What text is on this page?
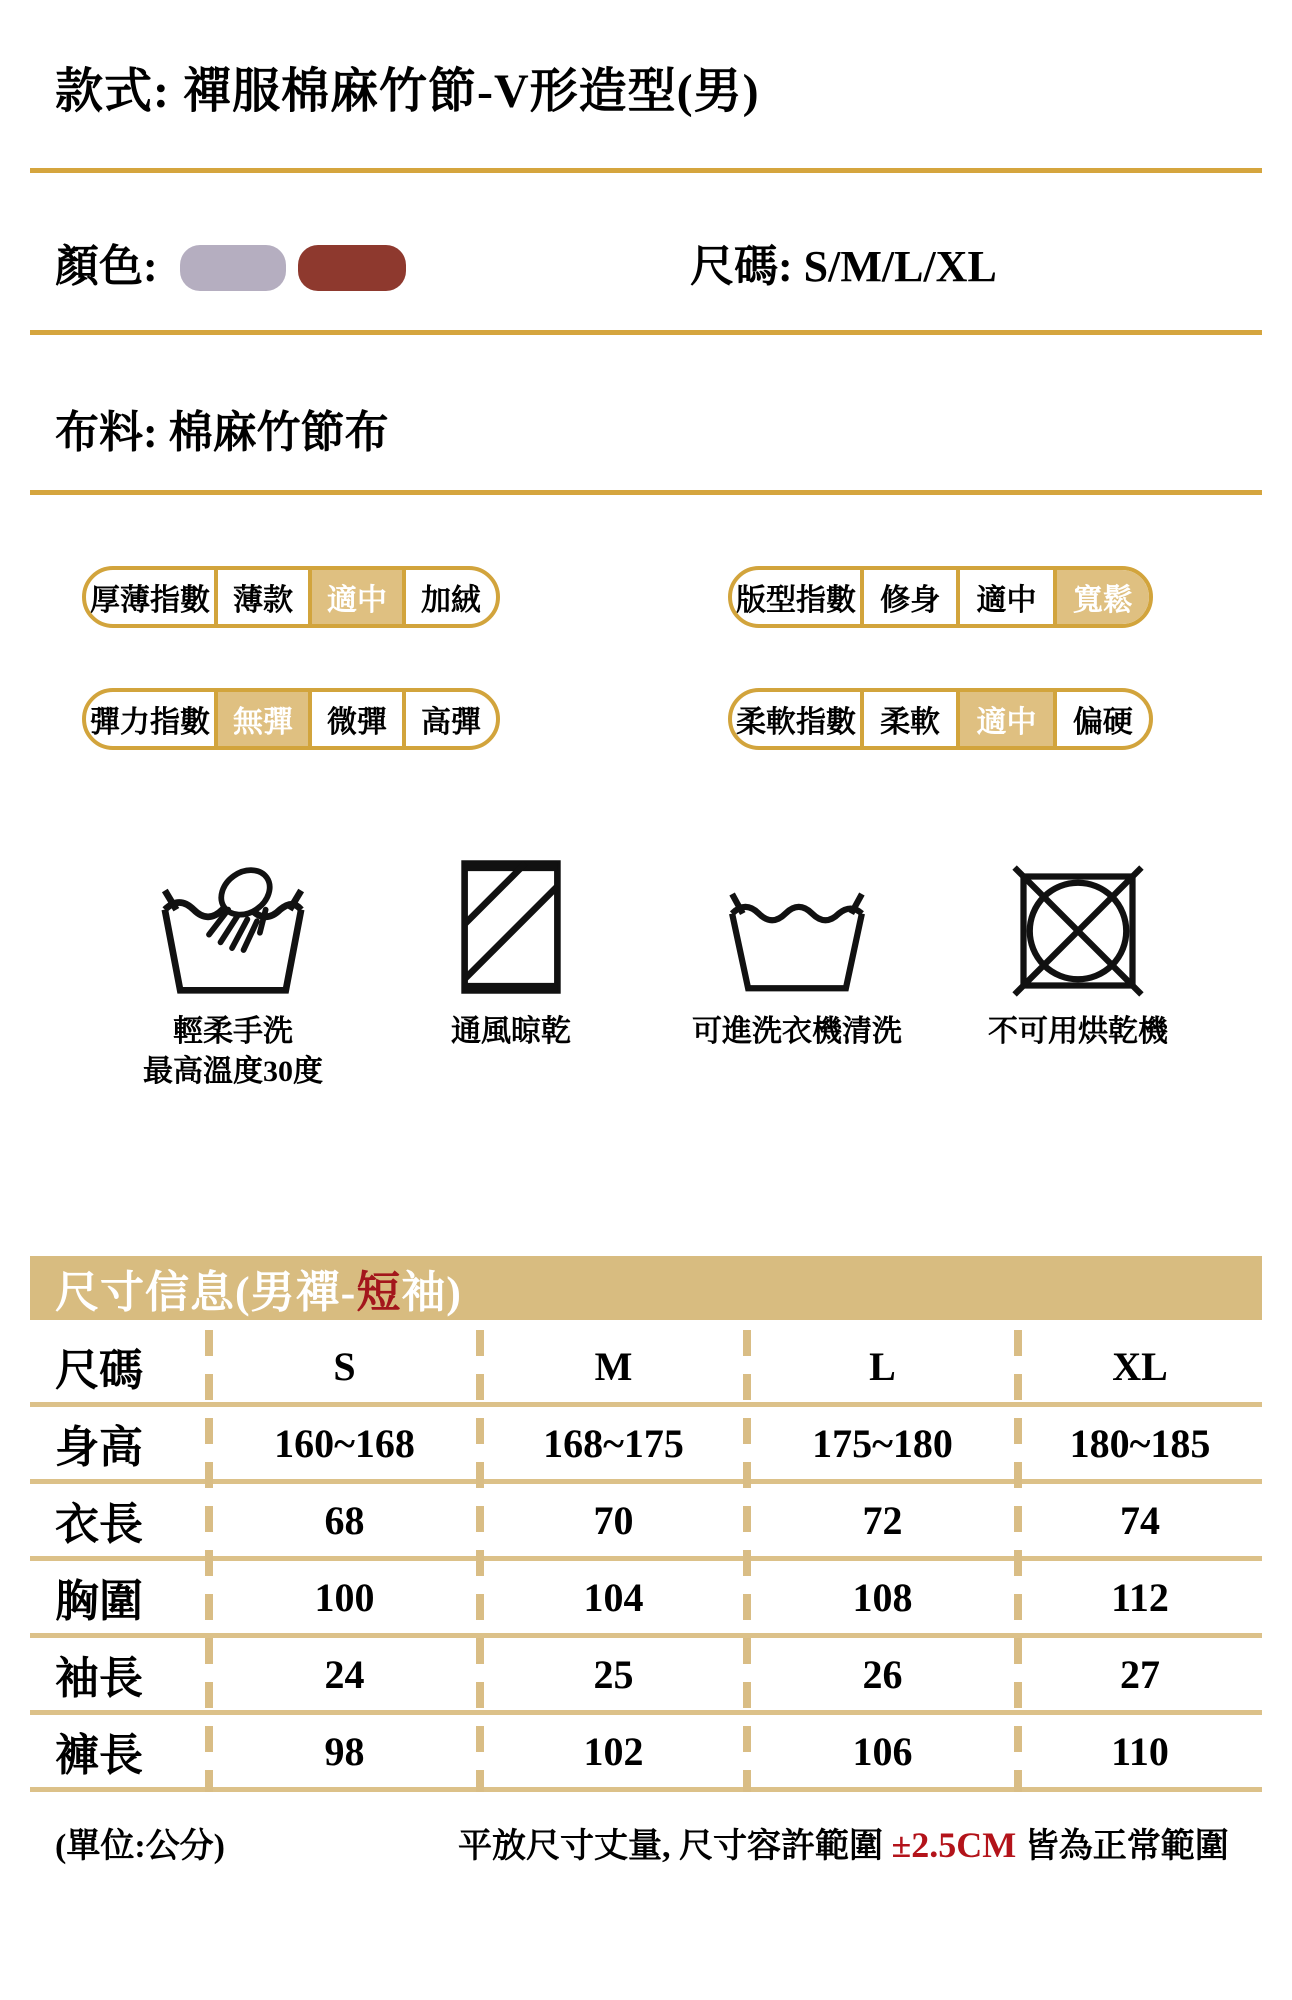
款式: 禪服棉麻竹節-V形造型(男)
顏色:	尺碼: S/M/L/XL
布料: 棉麻竹節布
厚薄指數 薄款	適中	加絨	版型指數 修身	適中	寬鬆
彈力指數 無彈	微彈	高彈	柔軟指數 柔軟	適中	偏硬
輕柔手洗
最高溫度30度
通風晾乾	可進洗衣機清洗	不可用烘乾機
尺寸信息(男禪-短袖)
尺碼	S	M	L	XL
身高	160~168	168~175	175~180	180~185
衣長	68	70	72	74
胸圍	100	104	108	112
袖長	24	25	26	27
褲長	98	102	106	110
(單位:公分)	平放尺寸丈量, 尺寸容許範圍 ±2.5CM 皆為正常範圍
